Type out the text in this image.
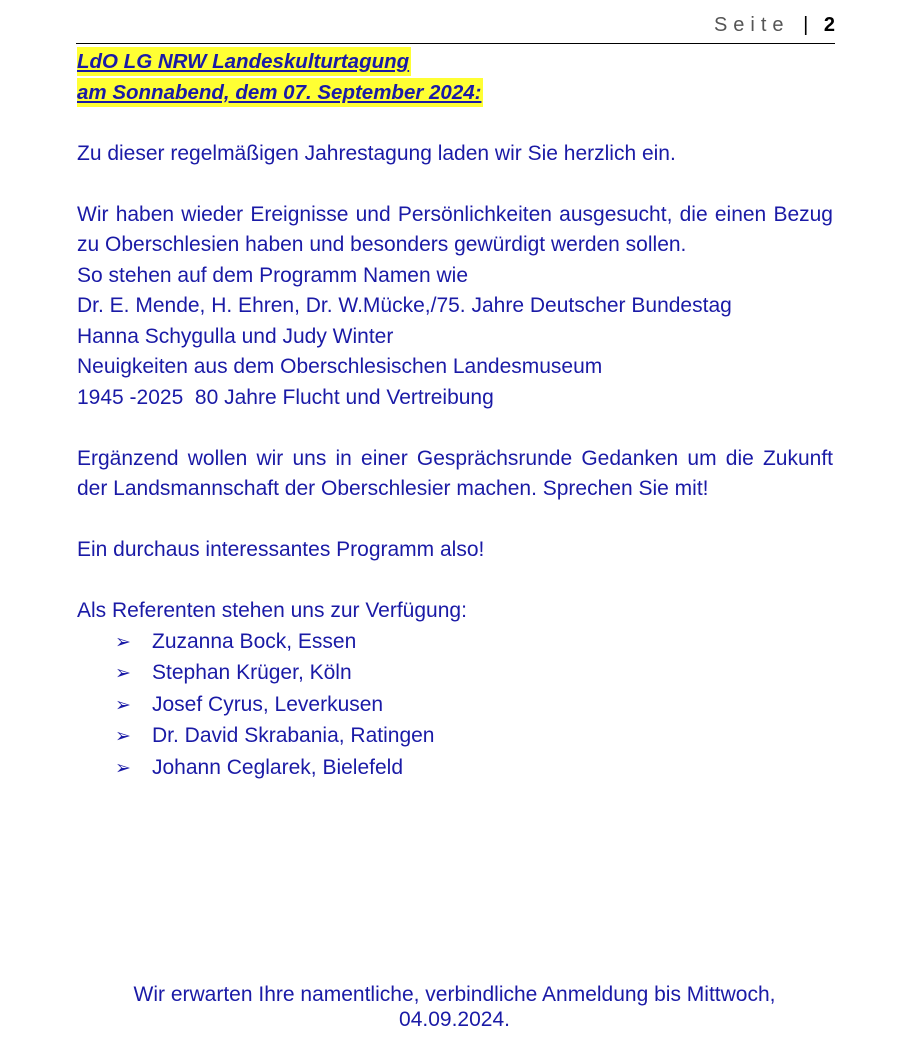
Seite | 2
LdO LG NRW Landeskulturtagung
am Sonnabend, dem 07. September 2024:

Zu dieser regelmäßigen Jahrestagung laden wir Sie herzlich ein.

Wir haben wieder Ereignisse und Persönlichkeiten ausgesucht, die einen Bezug zu Oberschlesien haben und besonders gewürdigt werden sollen.

So stehen auf dem Programm Namen wie

Dr. E. Mende, H. Ehren, Dr. W.Mücke,/75. Jahre Deutscher Bundestag

Hanna Schygulla und Judy Winter

Neuigkeiten aus dem Oberschlesischen Landesmuseum

1945 -2025  80 Jahre Flucht und Vertreibung

Ergänzend wollen wir uns in einer Gesprächsrunde Gedanken um die Zukunft der Landsmannschaft der Oberschlesier machen. Sprechen Sie mit!

Ein durchaus interessantes Programm also!

Als Referenten stehen uns zur Verfügung:

➢	Zuzanna Bock, Essen
➢	Stephan Krüger, Köln
➢	Josef Cyrus, Leverkusen
➢	Dr. David Skrabania, Ratingen
➢	Johann Ceglarek, Bielefeld
Wir erwarten Ihre namentliche, verbindliche Anmeldung bis Mittwoch,
04.09.2024.
